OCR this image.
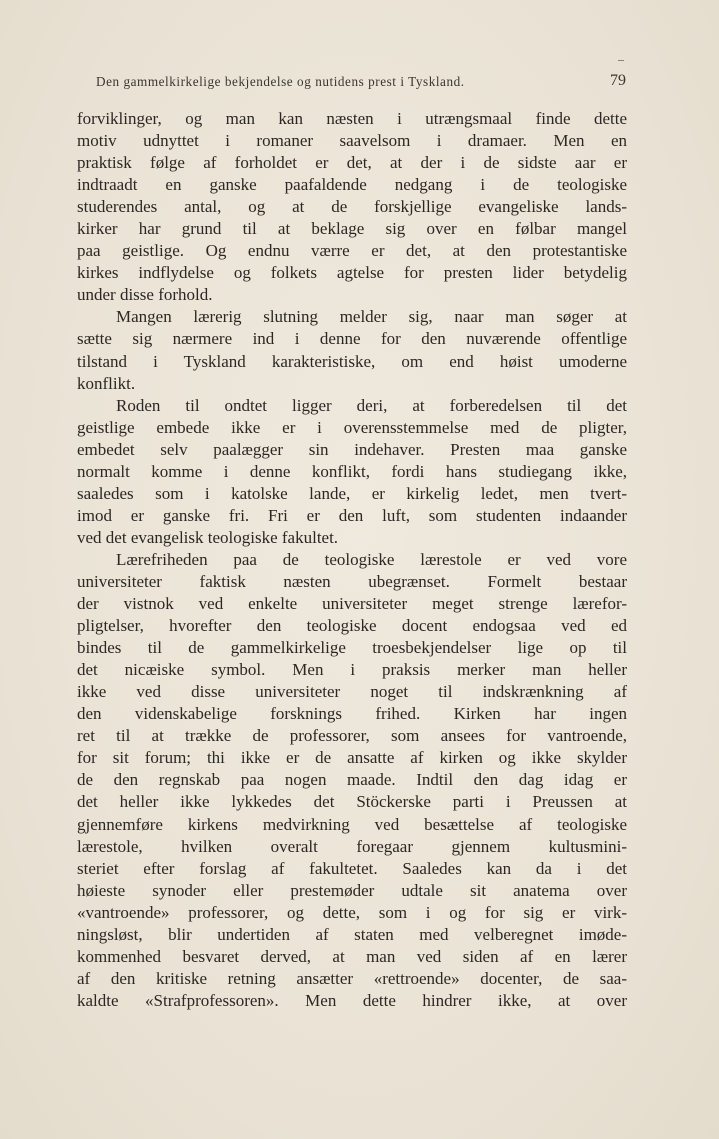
Den gammelkirkelige bekjendelse og nutidens prest i Tyskland.	79
forviklinger, og man kan næsten i utrængsmaal finde dette
motiv udnyttet i romaner saavelsom i dramaer. Men en
praktisk følge af forholdet er det, at der i de sidste aar er
indtraadt en ganske paafaldende nedgang i de teologiske
studerendes antal, og at de forskjellige evangeliske lands-
kirker har grund til at beklage sig over en følbar mangel
paa geistlige. Og endnu værre er det, at den protestantiske
kirkes indflydelse og folkets agtelse for presten lider betydelig
under disse forhold.
Mangen lærerig slutning melder sig, naar man søger at
sætte sig nærmere ind i denne for den nuværende offentlige
tilstand i Tyskland karakteristiske, om end høist umoderne
konflikt.
Roden til ondtet ligger deri, at forberedelsen til det
geistlige embede ikke er i overensstemmelse med de pligter,
embedet selv paalægger sin indehaver. Presten maa ganske
normalt komme i denne konflikt, fordi hans studiegang ikke,
saaledes som i katolske lande, er kirkelig ledet, men tvert-
imod er ganske fri. Fri er den luft, som studenten indaander
ved det evangelisk teologiske fakultet.
Lærefriheden paa de teologiske lærestole er ved vore
universiteter faktisk næsten ubegrænset. Formelt bestaar
der vistnok ved enkelte universiteter meget strenge lærefor-
pligtelser, hvorefter den teologiske docent endogsaa ved ed
bindes til de gammelkirkelige troesbekjendelser lige op til
det nicæiske symbol. Men i praksis merker man heller
ikke ved disse universiteter noget til indskrænkning af
den videnskabelige forsknings frihed. Kirken har ingen
ret til at trække de professorer, som ansees for vantroende,
for sit forum; thi ikke er de ansatte af kirken og ikke skylder
de den regnskab paa nogen maade. Indtil den dag idag er
det heller ikke lykkedes det Stöckerske parti i Preussen at
gjennemføre kirkens medvirkning ved besættelse af teologiske
lærestole, hvilken overalt foregaar gjennem kultusmini-
steriet efter forslag af fakultetet. Saaledes kan da i det
høieste synoder eller prestemøder udtale sit anatema over
«vantroende» professorer, og dette, som i og for sig er virk-
ningsløst, blir undertiden af staten med velberegnet imøde-
kommenhed besvaret derved, at man ved siden af en lærer
af den kritiske retning ansætter «rettroende» docenter, de saa-
kaldte «Strafprofessoren». Men dette hindrer ikke, at over
